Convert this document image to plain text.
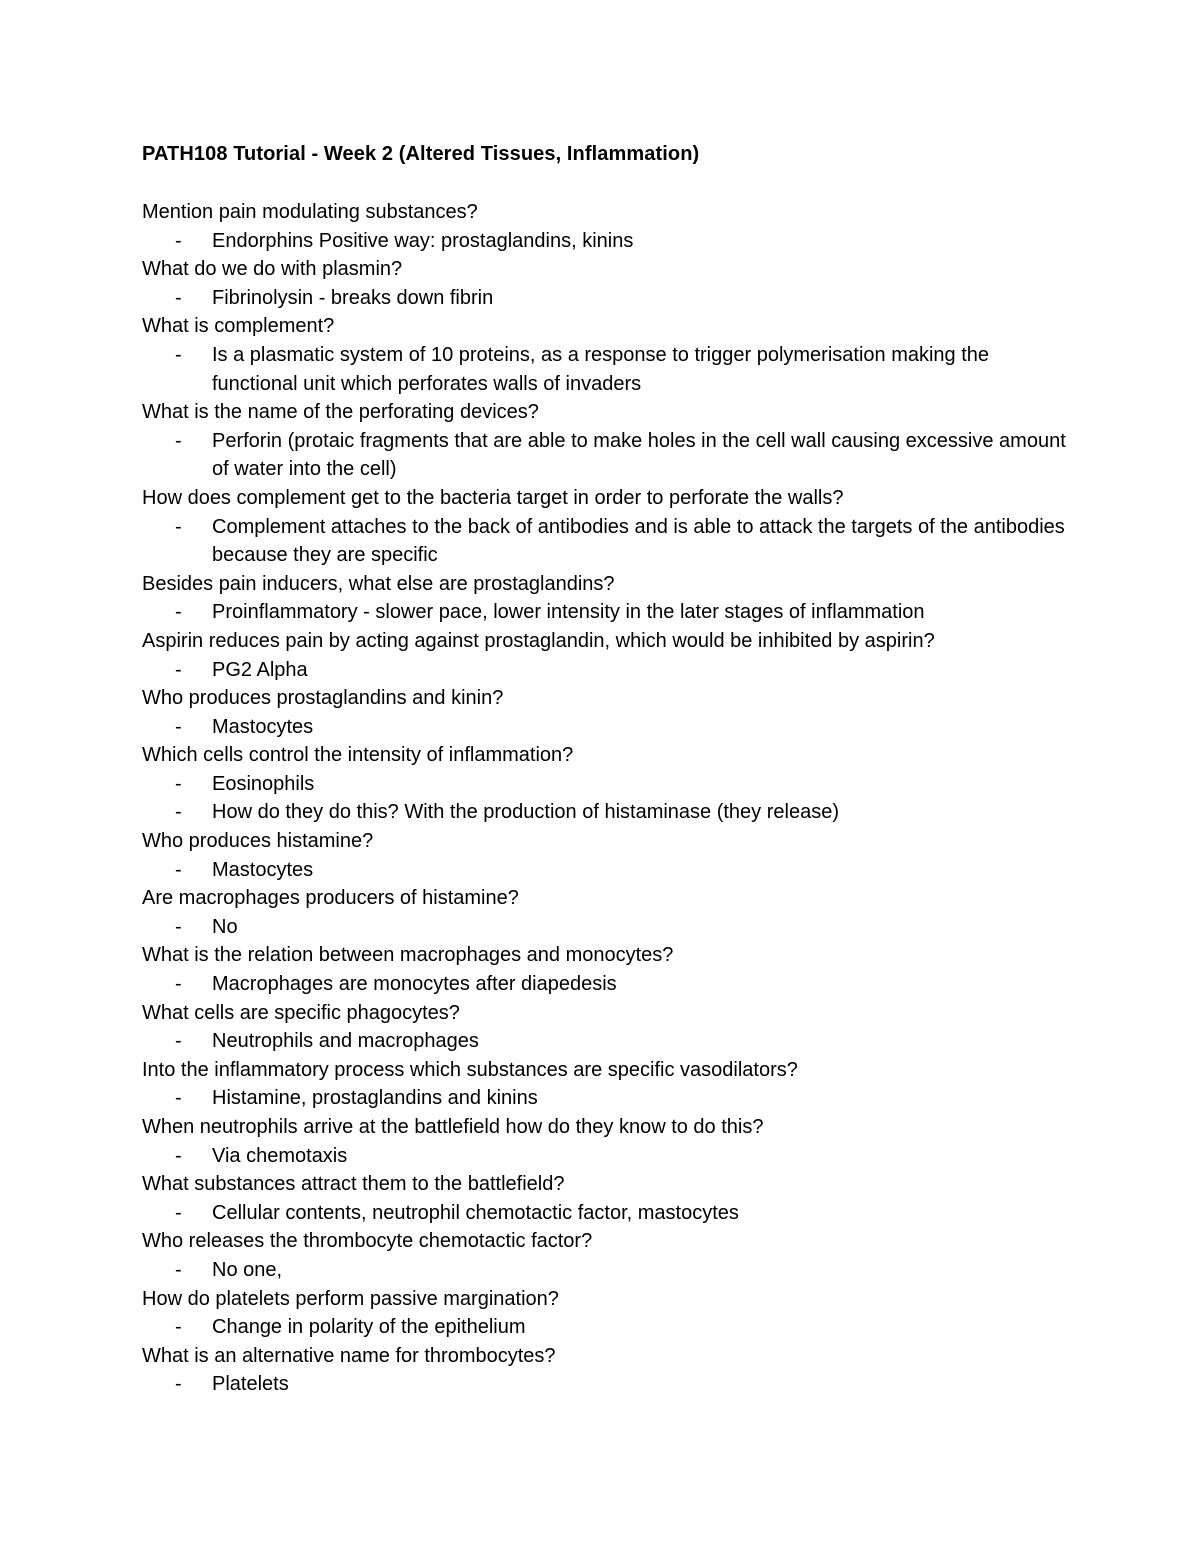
PATH108 Tutorial - Week 2 (Altered Tissues, Inflammation)

Mention pain modulating substances?

- Endorphins Positive way: prostaglandins, kinins

What do we do with plasmin?

- Fibrinolysin - breaks down fibrin

What is complement?

- Is a plasmatic system of 10 proteins, as a response to trigger polymerisation making the functional unit which perforates walls of invaders

What is the name of the perforating devices?

- Perforin (protaic fragments that are able to make holes in the cell wall causing excessive amount of water into the cell)

How does complement get to the bacteria target in order to perforate the walls?

- Complement attaches to the back of antibodies and is able to attack the targets of the antibodies because they are specific

Besides pain inducers, what else are prostaglandins?

- Proinflammatory - slower pace, lower intensity in the later stages of inflammation

Aspirin reduces pain by acting against prostaglandin, which would be inhibited by aspirin?

- PG2 Alpha

Who produces prostaglandins and kinin?

- Mastocytes

Which cells control the intensity of inflammation?

- Eosinophils
- How do they do this? With the production of histaminase (they release)

Who produces histamine?

- Mastocytes

Are macrophages producers of histamine?

- No

What is the relation between macrophages and monocytes?

- Macrophages are monocytes after diapedesis

What cells are specific phagocytes?

- Neutrophils and macrophages

Into the inflammatory process which substances are specific vasodilators?

- Histamine, prostaglandins and kinins

When neutrophils arrive at the battlefield how do they know to do this?

- Via chemotaxis

What substances attract them to the battlefield?

- Cellular contents, neutrophil chemotactic factor, mastocytes

Who releases the thrombocyte chemotactic factor?

- No one,

How do platelets perform passive margination?

- Change in polarity of the epithelium

What is an alternative name for thrombocytes?

- Platelets
